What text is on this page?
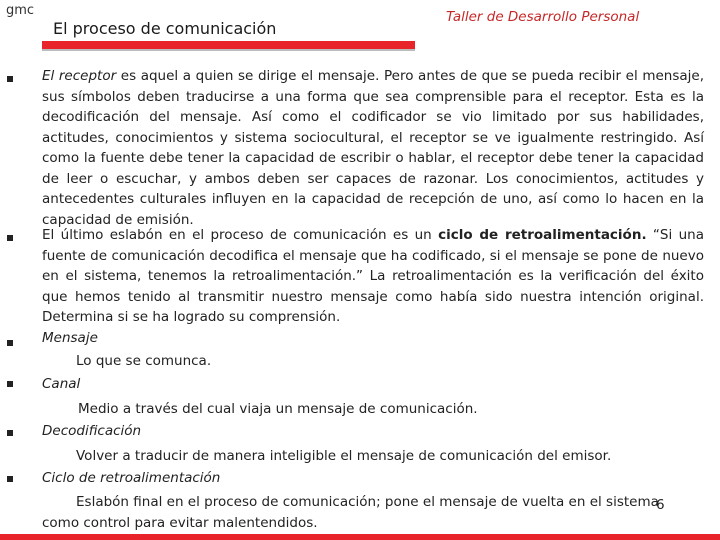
gmc
El proceso de comunicación
Taller de Desarrollo Personal
El receptor es aquel a quien se dirige el mensaje. Pero antes de que se pueda recibir el mensaje, sus símbolos deben traducirse a una forma que sea comprensible para el receptor. Esta es la decodificación del mensaje. Así como el codificador se vio limitado por sus habilidades, actitudes, conocimientos y sistema sociocultural, el receptor se ve igualmente restringido. Así como la fuente debe tener la capacidad de escribir o hablar, el receptor debe tener la capacidad de leer o escuchar, y ambos deben ser capaces de razonar. Los conocimientos, actitudes y antecedentes culturales influyen en la capacidad de recepción de uno, así como lo hacen en la capacidad de emisión.
El último eslabón en el proceso de comunicación es un ciclo de retroalimentación. “Si una fuente de comunicación decodifica el mensaje que ha codificado, si el mensaje se pone de nuevo en el sistema, tenemos la retroalimentación.” La retroalimentación es la verificación del éxito que hemos tenido al transmitir nuestro mensaje como había sido nuestra intención original. Determina si se ha logrado su comprensión.
Mensaje
Lo que se comunca.
Canal
Medio a través del cual viaja un mensaje de comunicación.
Decodificación
Volver a traducir de manera inteligible el mensaje de comunicación del emisor.
Ciclo de retroalimentación
Eslabón final en el proceso de comunicación; pone el mensaje de vuelta en el sistema como control para evitar malentendidos.
6
